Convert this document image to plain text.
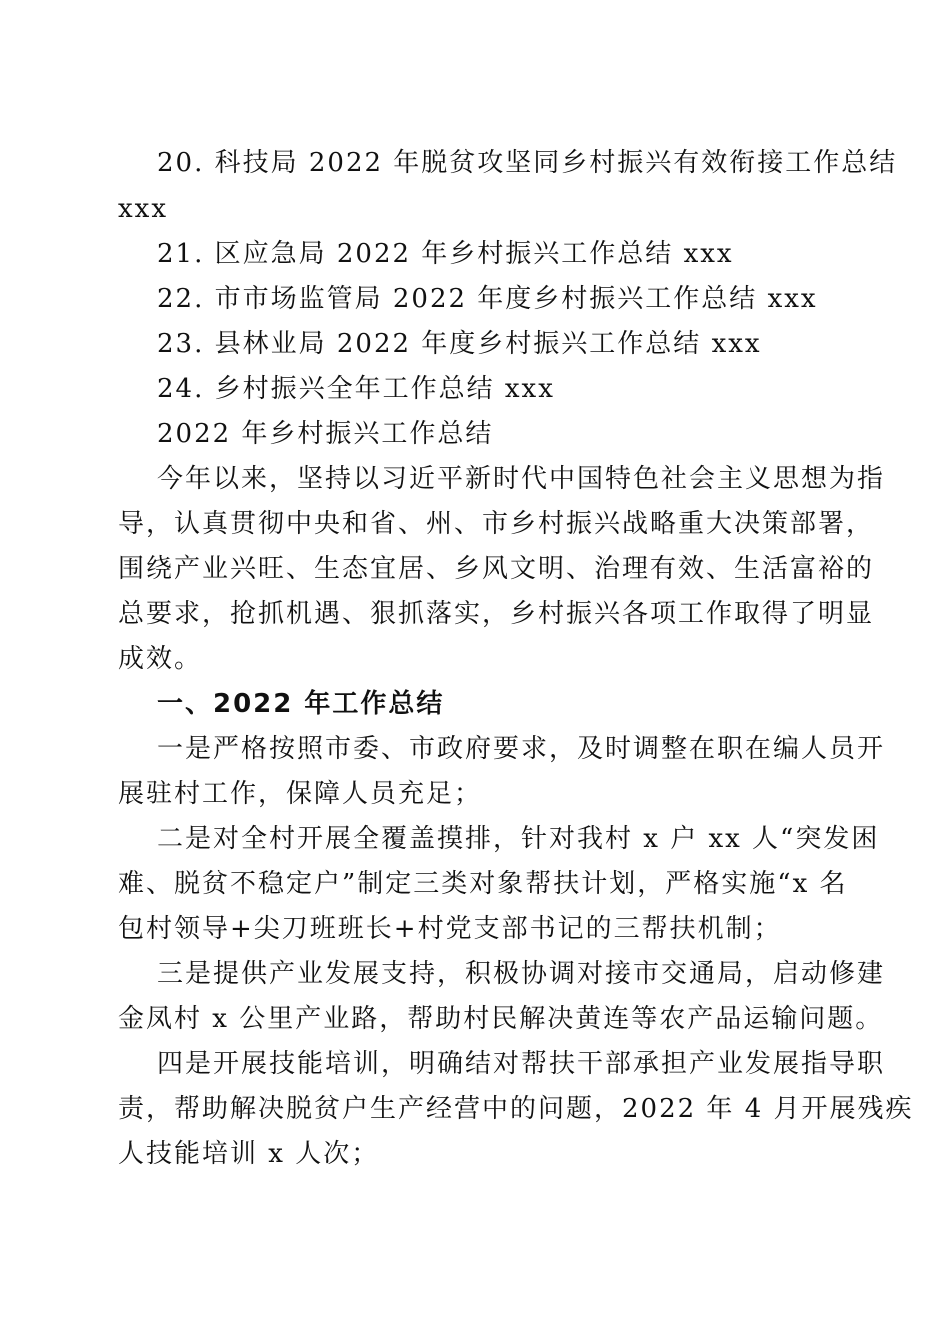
20. 科技局 2022 年脱贫攻坚同乡村振兴有效衔接工作总结
xxx
21. 区应急局 2022 年乡村振兴工作总结 xxx
22. 市市场监管局 2022 年度乡村振兴工作总结 xxx
23. 县林业局 2022 年度乡村振兴工作总结 xxx
24. 乡村振兴全年工作总结 xxx
2022 年乡村振兴工作总结
今年以来，坚持以习近平新时代中国特色社会主义思想为指
导，认真贯彻中央和省、州、市乡村振兴战略重大决策部署，
围绕产业兴旺、生态宜居、乡风文明、治理有效、生活富裕的
总要求，抢抓机遇、狠抓落实，乡村振兴各项工作取得了明显
成效。
一、2022 年工作总结
一是严格按照市委、市政府要求，及时调整在职在编人员开
展驻村工作，保障人员充足；
二是对全村开展全覆盖摸排，针对我村 x 户 xx 人“突发困
难、脱贫不稳定户”制定三类对象帮扶计划，严格实施“x 名
包村领导+尖刀班班长+村党支部书记的三帮扶机制；
三是提供产业发展支持，积极协调对接市交通局，启动修建
金凤村 x 公里产业路，帮助村民解决黄连等农产品运输问题。
四是开展技能培训，明确结对帮扶干部承担产业发展指导职
责，帮助解决脱贫户生产经营中的问题，2022 年 4 月开展残疾
人技能培训 x 人次；
